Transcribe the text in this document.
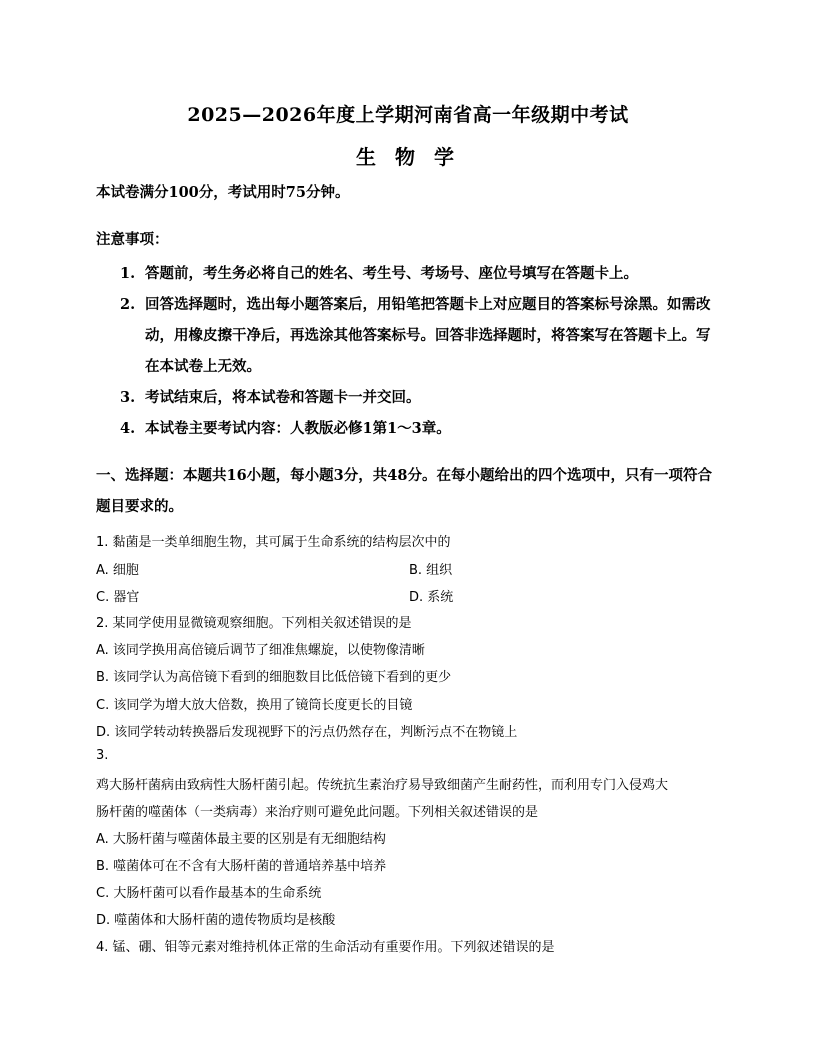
2025—2026年度上学期河南省高一年级期中考试
生 物 学
本试卷满分100分，考试用时75分钟。
注意事项：
1. 答题前，考生务必将自己的姓名、考生号、考场号、座位号填写在答题卡上。
2. 回答选择题时，选出每小题答案后，用铅笔把答题卡上对应题目的答案标号涂黑。如需改动，用橡皮擦干净后，再选涂其他答案标号。回答非选择题时，将答案写在答题卡上。写在本试卷上无效。
3. 考试结束后，将本试卷和答题卡一并交回。
4. 本试卷主要考试内容：人教版必修1第1～3章。
一、选择题：本题共16小题，每小题3分，共48分。在每小题给出的四个选项中，只有一项符合题目要求的。
1. 黏菌是一类单细胞生物，其可属于生命系统的结构层次中的
A. 细胞	B. 组织
C. 器官	D. 系统
2. 某同学使用显微镜观察细胞。下列相关叙述错误的是
A. 该同学换用高倍镜后调节了细准焦螺旋，以使物像清晰
B. 该同学认为高倍镜下看到的细胞数目比低倍镜下看到的更少
C. 该同学为增大放大倍数，换用了镜筒长度更长的目镜
D. 该同学转动转换器后发现视野下的污点仍然存在，判断污点不在物镜上
3.
鸡大肠杆菌病由致病性大肠杆菌引起。传统抗生素治疗易导致细菌产生耐药性，而利用专门入侵鸡大
肠杆菌的噬菌体（一类病毒）来治疗则可避免此问题。下列相关叙述错误的是
A. 大肠杆菌与噬菌体最主要的区别是有无细胞结构
B. 噬菌体可在不含有大肠杆菌的普通培养基中培养
C. 大肠杆菌可以看作最基本的生命系统
D. 噬菌体和大肠杆菌的遗传物质均是核酸
4. 锰、硼、钼等元素对维持机体正常的生命活动有重要作用。下列叙述错误的是
